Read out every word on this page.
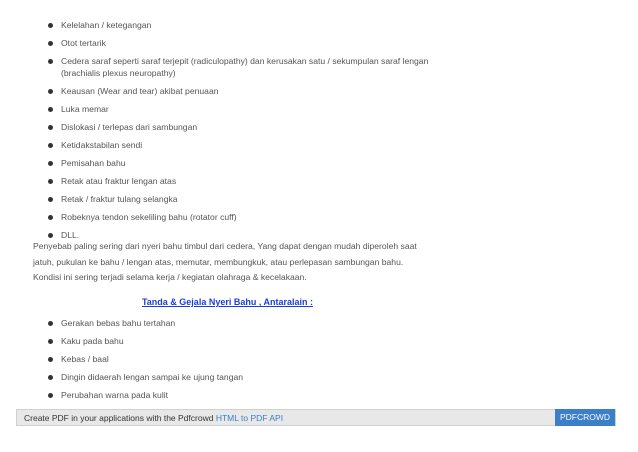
Kelelahan / ketegangan
Otot tertarik
Cedera saraf seperti saraf terjepit (radiculopathy) dan kerusakan satu / sekumpulan saraf lengan (brachialis plexus neuropathy)
Keausan (Wear and tear) akibat penuaan
Luka memar
Dislokasi / terlepas dari sambungan
Ketidakstabilan sendi
Pemisahan bahu
Retak atau fraktur lengan atas
Retak / fraktur tulang selangka
Robeknya tendon sekeliling bahu (rotator cuff)
DLL.

Penyebab paling sering dari nyeri bahu timbul dari cedera, Yang dapat dengan mudah diperoleh saat jatuh, pukulan ke bahu / lengan atas, memutar, membungkuk, atau perlepasan sambungan bahu. Kondisi ini sering terjadi selama kerja / kegiatan olahraga & kecelakaan.

Tanda & Gejala Nyeri Bahu , Antaralain :

Gerakan bebas bahu tertahan
Kaku pada bahu
Kebas / baal
Dingin didaerah lengan sampai ke ujung tangan
Perubahan warna pada kulit
Create PDF in your applications with the Pdfcrowd HTML to PDF API	PDFCROWD
